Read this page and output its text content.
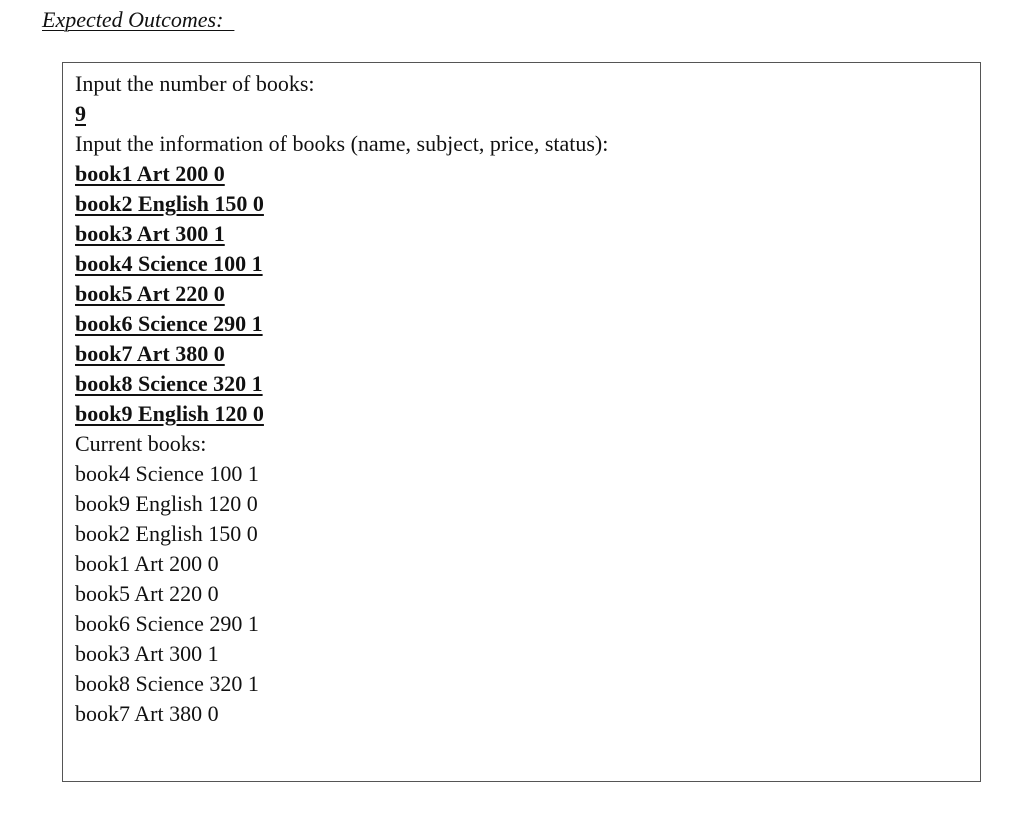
Expected Outcomes:
Input the number of books:
9
Input the information of books (name, subject, price, status):
book1 Art 200 0
book2 English 150 0
book3 Art 300 1
book4 Science 100 1
book5 Art 220 0
book6 Science 290 1
book7 Art 380 0
book8 Science 320 1
book9 English 120 0
Current books:
book4 Science 100 1
book9 English 120 0
book2 English 150 0
book1 Art 200 0
book5 Art 220 0
book6 Science 290 1
book3 Art 300 1
book8 Science 320 1
book7 Art 380 0
